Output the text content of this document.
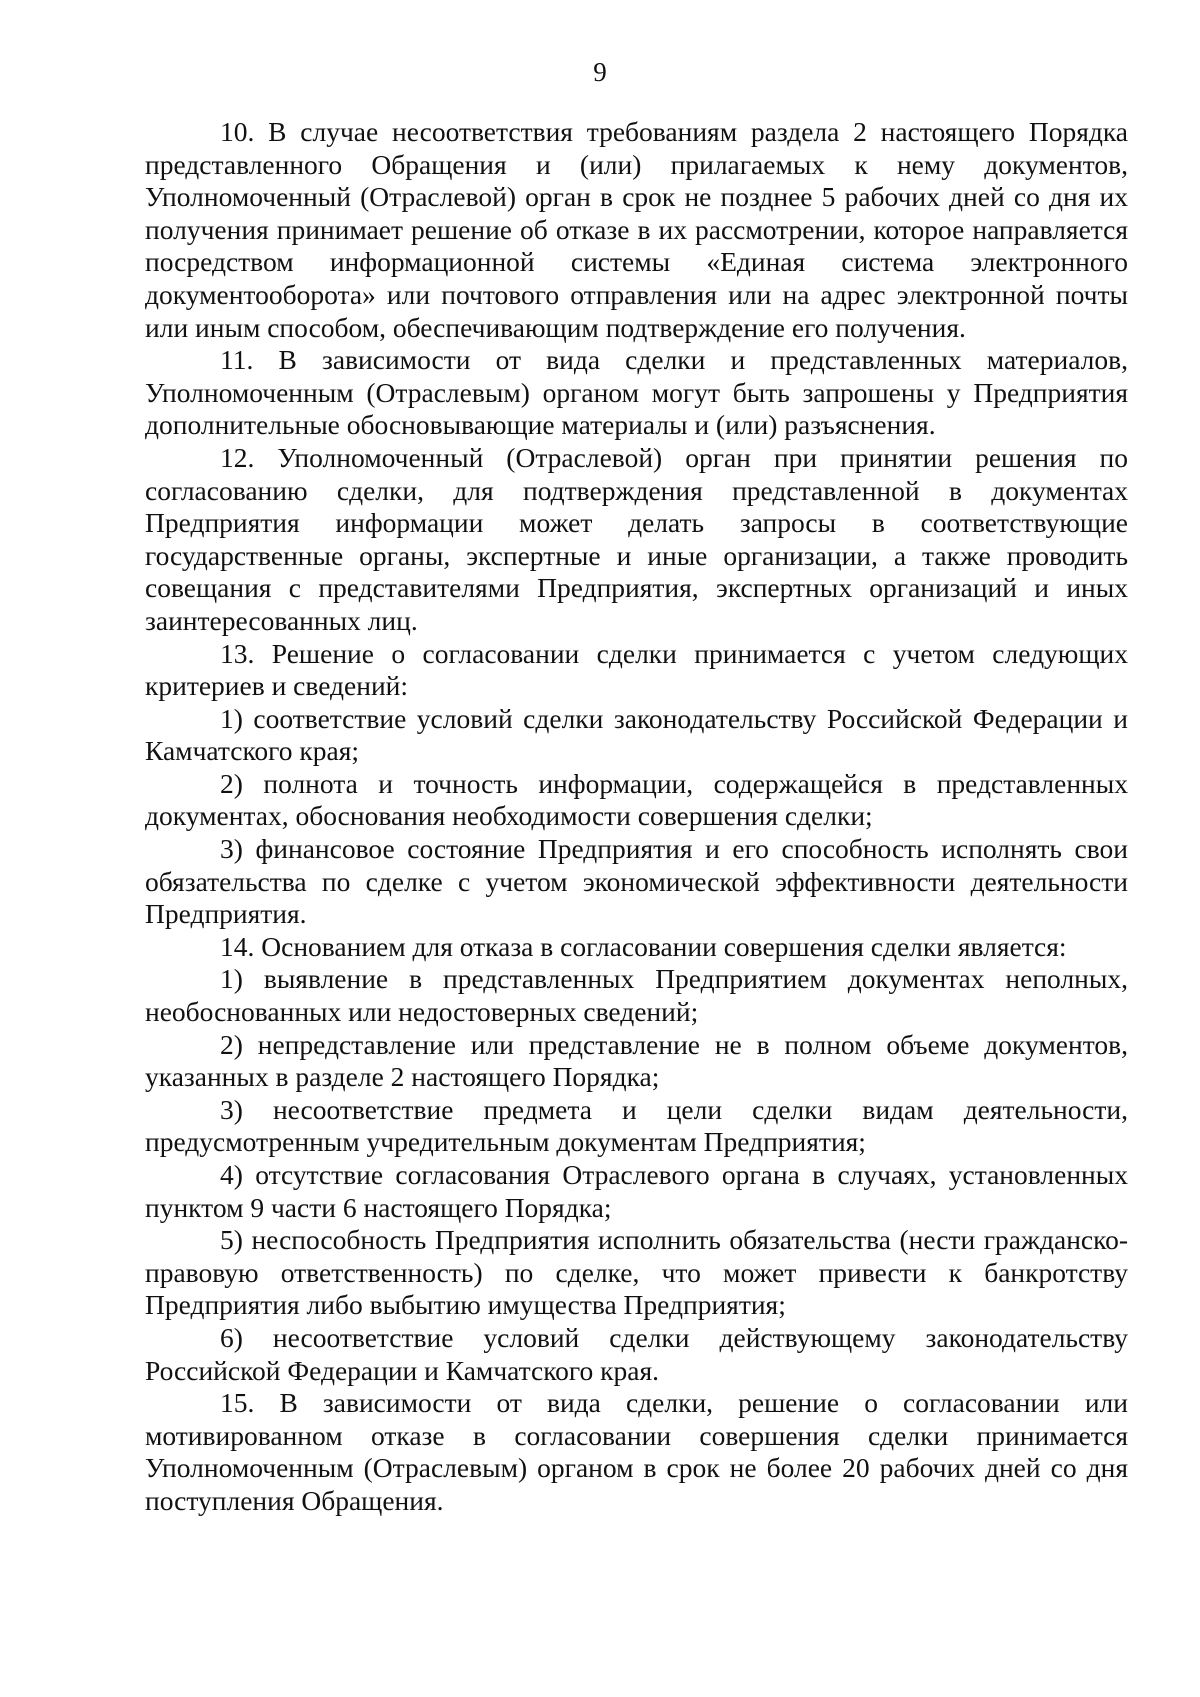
9

10. В случае несоответствия требованиям раздела 2 настоящего Порядка представленного Обращения и (или) прилагаемых к нему документов, Уполномоченный (Отраслевой) орган в срок не позднее 5 рабочих дней со дня их получения принимает решение об отказе в их рассмотрении, которое направляется посредством информационной системы «Единая система электронного документооборота» или почтового отправления или на адрес электронной почты или иным способом, обеспечивающим подтверждение его получения.

11. В зависимости от вида сделки и представленных материалов, Уполномоченным (Отраслевым) органом могут быть запрошены у Предприятия дополнительные обосновывающие материалы и (или) разъяснения.

12. Уполномоченный (Отраслевой) орган при принятии решения по согласованию сделки, для подтверждения представленной в документах Предприятия информации может делать запросы в соответствующие государственные органы, экспертные и иные организации, а также проводить совещания с представителями Предприятия, экспертных организаций и иных заинтересованных лиц.

13. Решение о согласовании сделки принимается с учетом следующих критериев и сведений:

1) соответствие условий сделки законодательству Российской Федерации и Камчатского края;

2) полнота и точность информации, содержащейся в представленных документах, обоснования необходимости совершения сделки;

3) финансовое состояние Предприятия и его способность исполнять свои обязательства по сделке с учетом экономической эффективности деятельности Предприятия.

14. Основанием для отказа в согласовании совершения сделки является:

1) выявление в представленных Предприятием документах неполных, необоснованных или недостоверных сведений;

2) непредставление или представление не в полном объеме документов, указанных в разделе 2 настоящего Порядка;

3) несоответствие предмета и цели сделки видам деятельности, предусмотренным учредительным документам Предприятия;

4) отсутствие согласования Отраслевого органа в случаях, установленных пунктом 9 части 6 настоящего Порядка;

5) неспособность Предприятия исполнить обязательства (нести гражданско-правовую ответственность) по сделке, что может привести к банкротству Предприятия либо выбытию имущества Предприятия;

6) несоответствие условий сделки действующему законодательству Российской Федерации и Камчатского края.

15. В зависимости от вида сделки, решение о согласовании или мотивированном отказе в согласовании совершения сделки принимается Уполномоченным (Отраслевым) органом в срок не более 20 рабочих дней со дня поступления Обращения.
